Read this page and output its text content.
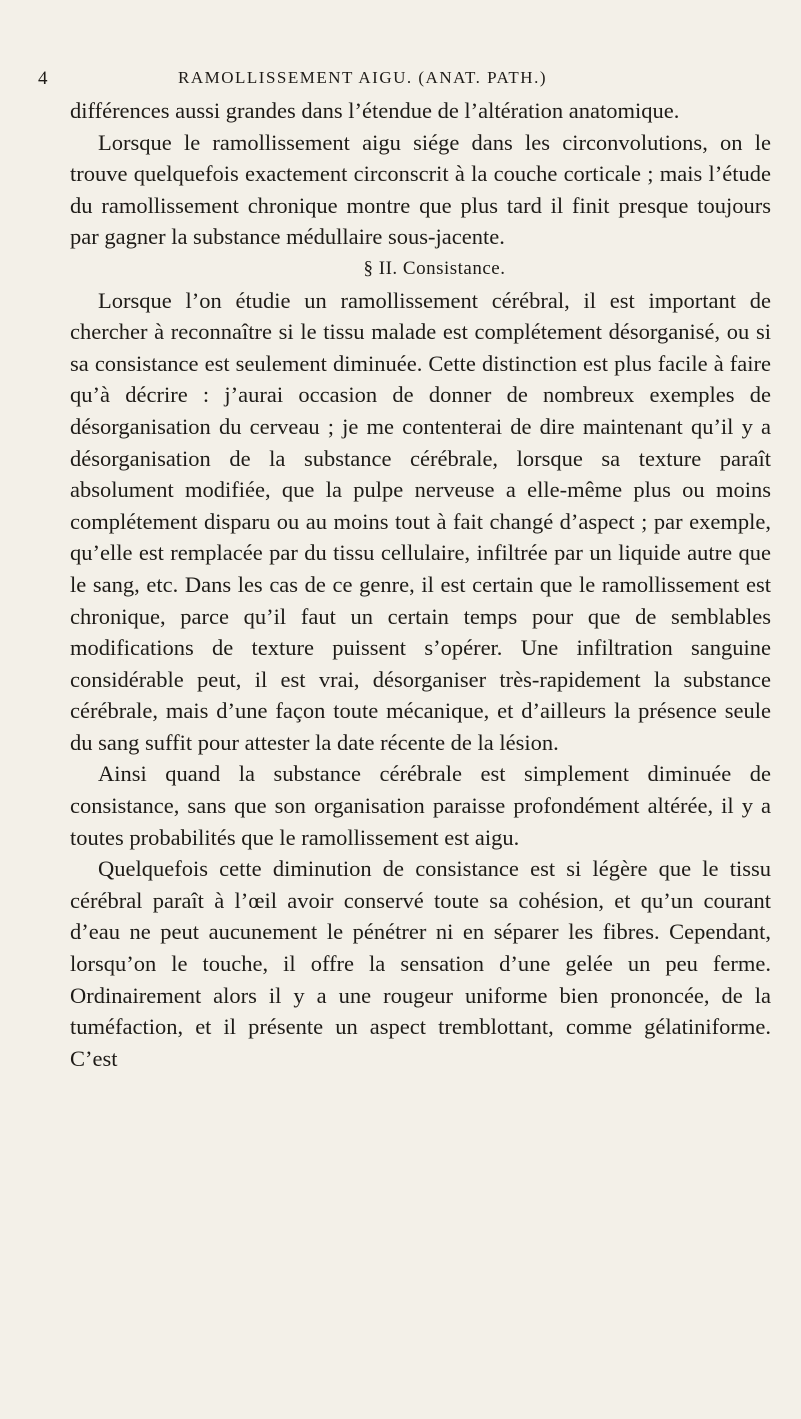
4	RAMOLLISSEMENT AIGU. (ANAT. PATH.)

différences aussi grandes dans l’étendue de l’altération anatomique.

Lorsque le ramollissement aigu siége dans les circonvolutions, on le trouve quelquefois exactement circonscrit à la couche corticale ; mais l’étude du ramollissement chronique montre que plus tard il finit presque toujours par gagner la substance médullaire sous-jacente.

§ II. Consistance.

Lorsque l’on étudie un ramollissement cérébral, il est important de chercher à reconnaître si le tissu malade est complétement désorganisé, ou si sa consistance est seulement diminuée. Cette distinction est plus facile à faire qu’à décrire : j’aurai occasion de donner de nombreux exemples de désorganisation du cerveau ; je me contenterai de dire maintenant qu’il y a désorganisation de la substance cérébrale, lorsque sa texture paraît absolument modifiée, que la pulpe nerveuse a elle-même plus ou moins complétement disparu ou au moins tout à fait changé d’aspect ; par exemple, qu’elle est remplacée par du tissu cellulaire, infiltrée par un liquide autre que le sang, etc. Dans les cas de ce genre, il est certain que le ramollissement est chronique, parce qu’il faut un certain temps pour que de semblables modifications de texture puissent s’opérer. Une infiltration sanguine considérable peut, il est vrai, désorganiser très-rapidement la substance cérébrale, mais d’une façon toute mécanique, et d’ailleurs la présence seule du sang suffit pour attester la date récente de la lésion.

Ainsi quand la substance cérébrale est simplement diminuée de consistance, sans que son organisation paraisse profondément altérée, il y a toutes probabilités que le ramollissement est aigu.

Quelquefois cette diminution de consistance est si légère que le tissu cérébral paraît à l’œil avoir conservé toute sa cohésion, et qu’un courant d’eau ne peut aucunement le pénétrer ni en séparer les fibres. Cependant, lorsqu’on le touche, il offre la sensation d’une gelée un peu ferme. Ordinairement alors il y a une rougeur uniforme bien prononcée, de la tuméfaction, et il présente un aspect tremblottant, comme gélatiniforme. C’est
